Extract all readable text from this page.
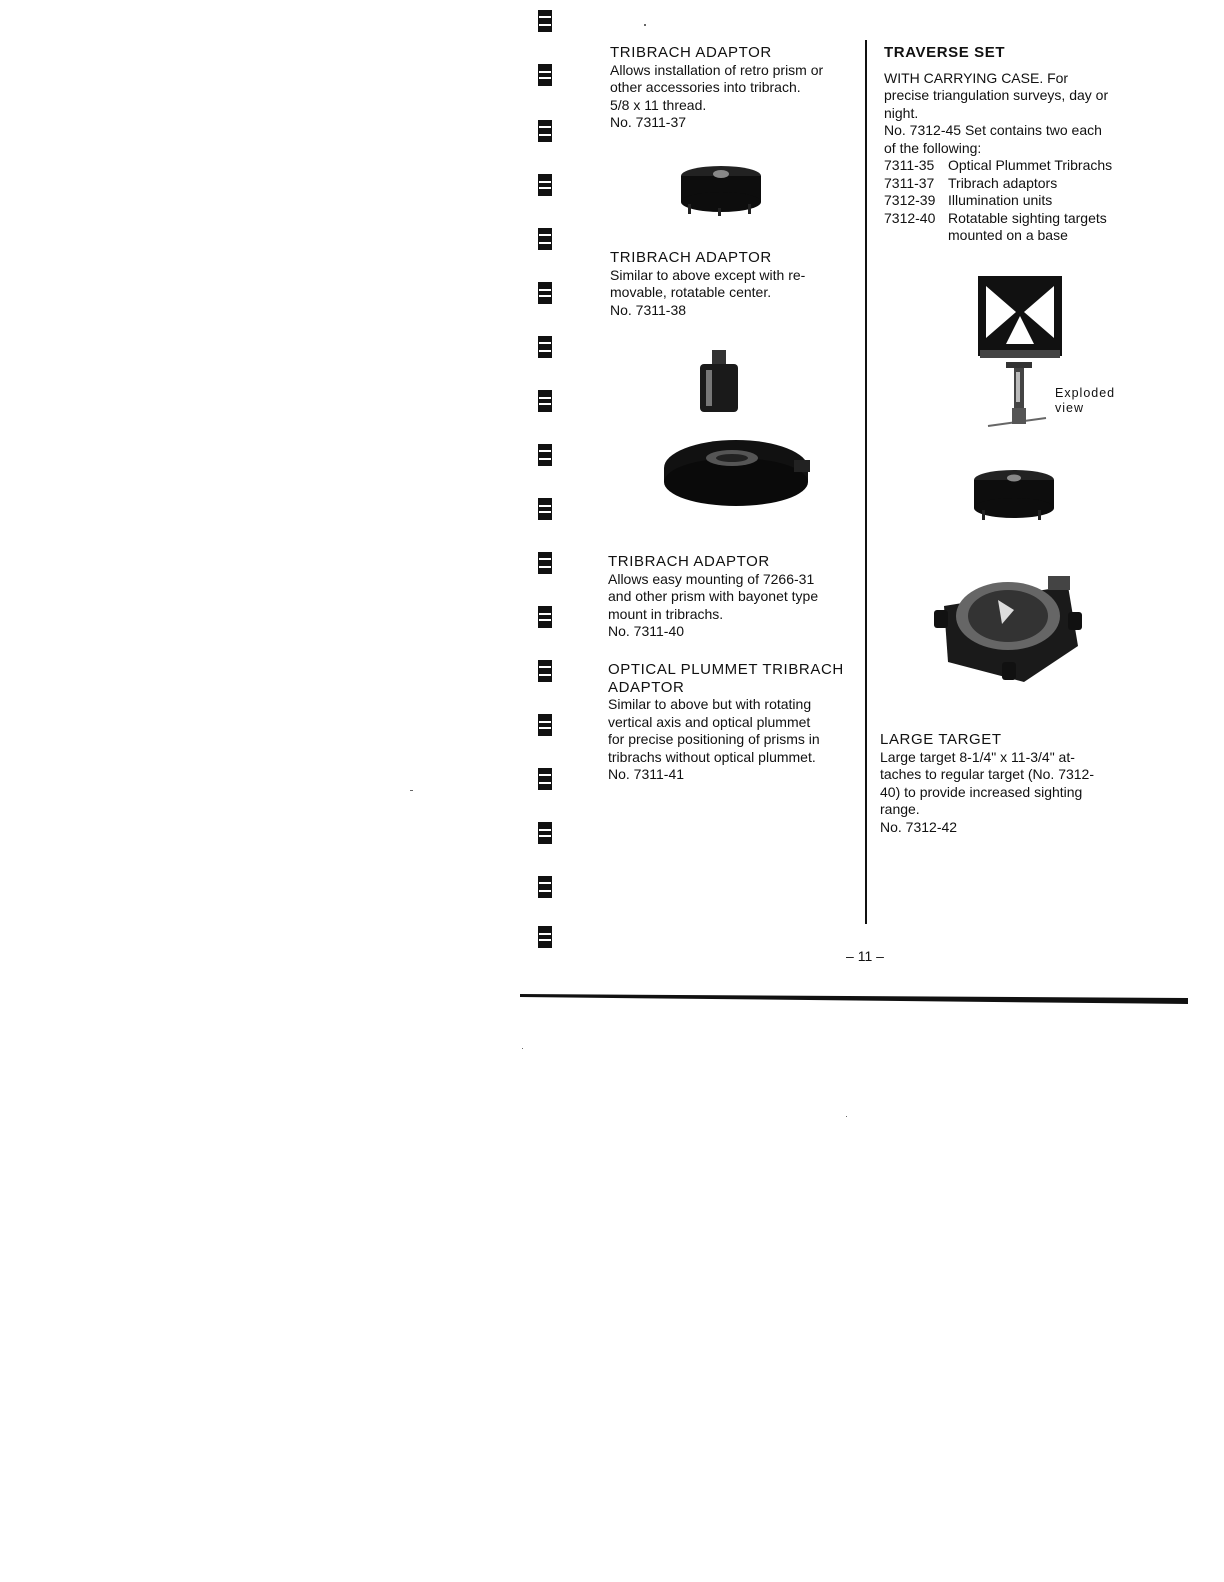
TRIBRACH ADAPTOR

Allows installation of retro prism or

other accessories into tribrach.

5/8 x 11 thread.

No. 7311-37

TRIBRACH ADAPTOR

Similar to above except with re-

movable, rotatable center.

No. 7311-38

TRIBRACH ADAPTOR

Allows easy mounting of 7266-31

and other prism with bayonet type

mount in tribrachs.

No. 7311-40

OPTICAL PLUMMET TRIBRACH

ADAPTOR

Similar to above but with rotating

vertical axis and optical plummet

for precise positioning of prisms in

tribrachs without optical plummet.

No. 7311-41

TRAVERSE SET

WITH CARRYING CASE. For

precise triangulation surveys, day or

night.

No. 7312-45 Set contains two each

of the following:

7311-35 Optical Plummet Tribrachs
7311-37 Tribrach adaptors
7312-39 Illumination units
7312-40 Rotatable sighting targets

mounted on a base

Exploded
view

LARGE TARGET

Large target 8-1/4" x 11-3/4" at-

taches to regular target (No. 7312-

40) to provide increased sighting

range.

No. 7312-42

– 11 –
